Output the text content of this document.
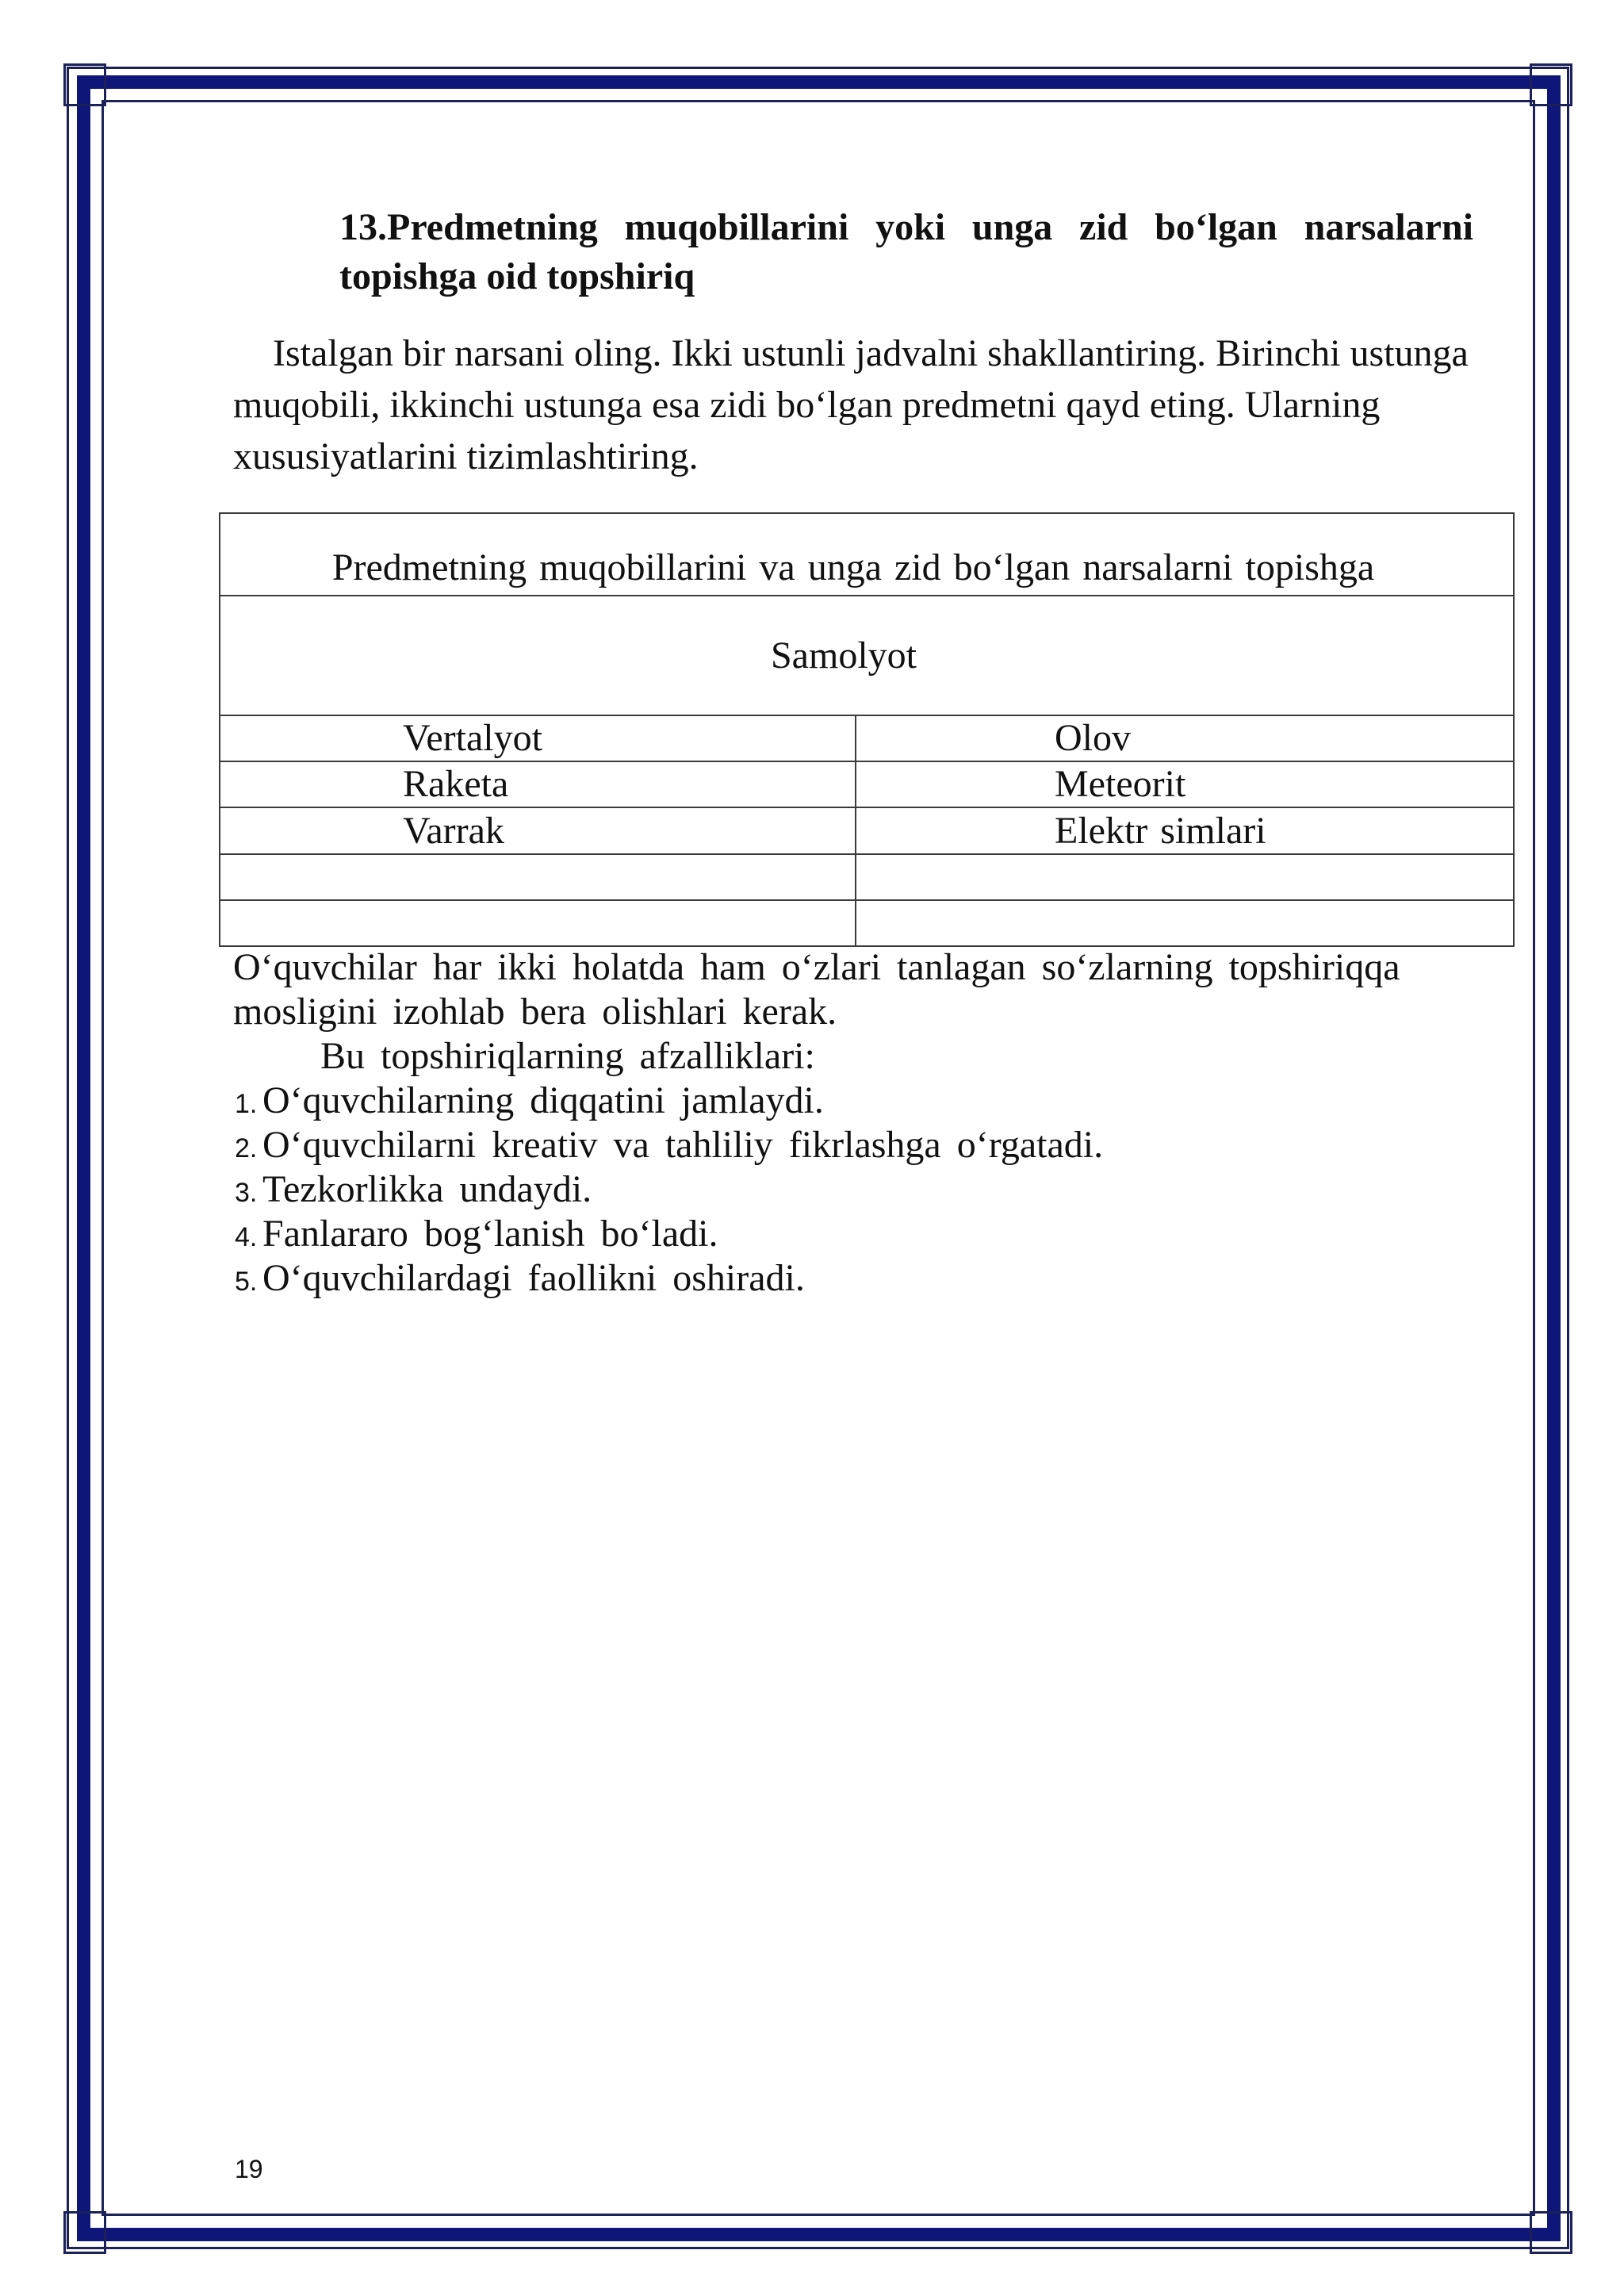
13.Predmetning muqobillarini yoki unga zid bo‘lgan narsalarni
topishga oid topshiriq
Istalgan bir narsani oling. Ikki ustunli jadvalni shakllantiring. Birinchi ustunga
muqobili, ikkinchi ustunga esa zidi bo‘lgan predmetni qayd eting. Ularning
xususiyatlarini tizimlashtiring.
Predmetning muqobillarini va unga zid bo‘lgan narsalarni topishga	
Samolyot	
Vertalyot	Olov
Raketa	Meteorit
Varrak	Elektr simlari

O‘quvchilar har ikki holatda ham o‘zlari tanlagan so‘zlarning topshiriqqa
mosligini izohlab bera olishlari kerak.
Bu topshiriqlarning afzalliklari:
1. O‘quvchilarning diqqatini jamlaydi.
2. O‘quvchilarni kreativ va tahliliy fikrlashga o‘rgatadi.
3. Tezkorlikka undaydi.
4. Fanlararo bog‘lanish bo‘ladi.
5. O‘quvchilardagi faollikni oshiradi.
19
